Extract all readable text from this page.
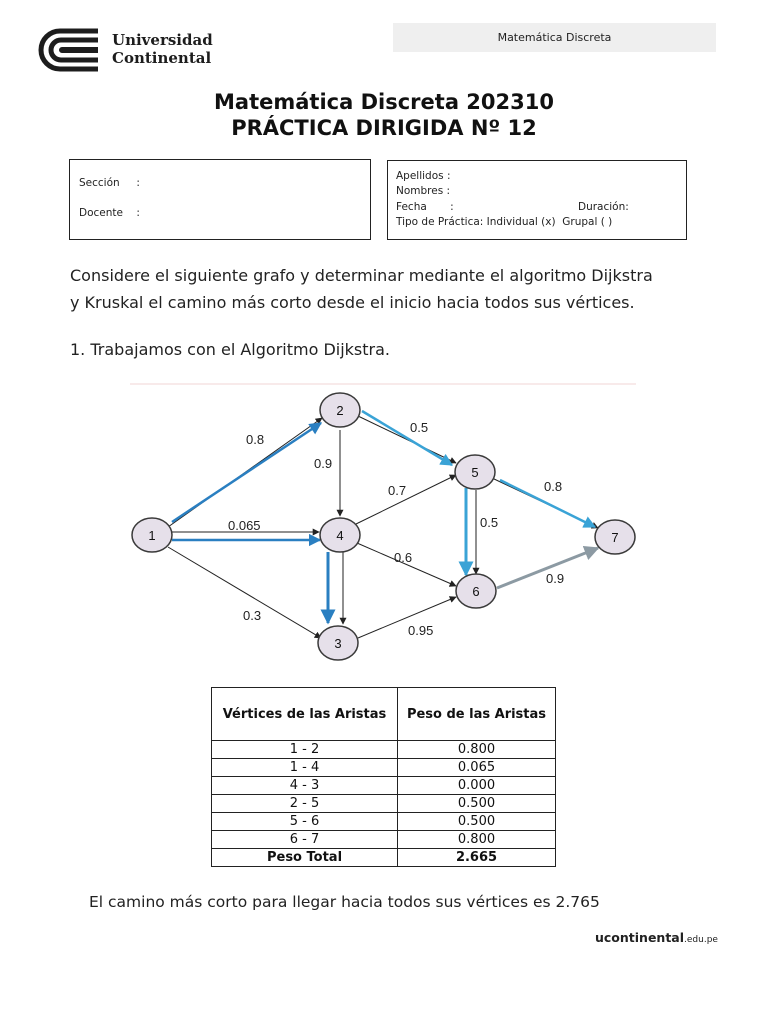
Universidad
Continental
Matemática Discreta
Matemática Discreta 202310
PRÁCTICA DIRIGIDA Nº 12
Sección     :
Docente    :
Apellidos :
Nombres :
Fecha       :	Duración:
Tipo de Práctica: Individual (x)  Grupal ( )
Considere el siguiente grafo y determinar mediante el algoritmo Dijkstra
y Kruskal el camino más corto desde el inicio hacia todos sus vértices.
1. Trabajamos con el Algoritmo Dijkstra.
0.8
0.065
0.3
0.9
0.5
0.7
0.6
0.8
0.5
0.95
0.9
1
2
4
3
5
6
7
Vértices de las Aristas	Peso de las Aristas
1 - 2	0.800
1 - 4	0.065
4 - 3	0.000
2 - 5	0.500
5 - 6	0.500
6 - 7	0.800
Peso Total	2.665
El camino más corto para llegar hacia todos sus vértices es 2.765
ucontinental.edu.pe
